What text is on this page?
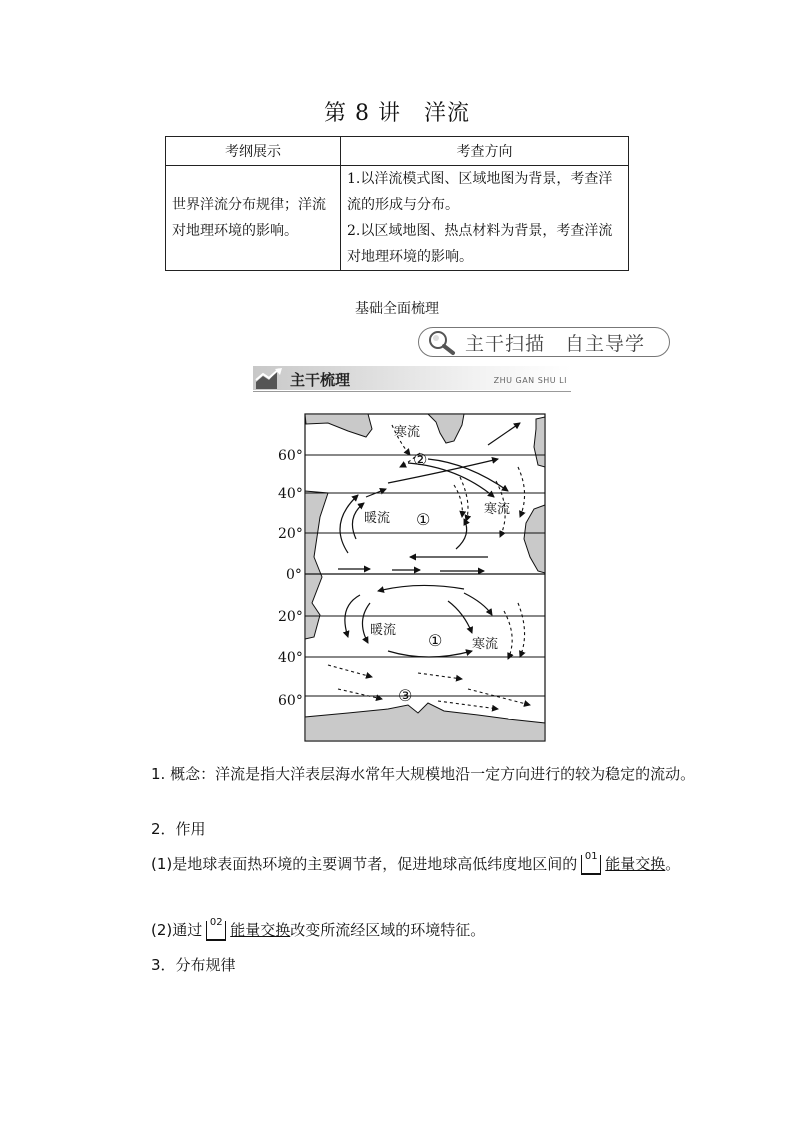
第 8 讲　洋流
考纲展示	考查方向
世界洋流分布规律；洋流对地理环境的影响。	1.以洋流模式图、区域地图为背景，考查洋流的形成与分布。
2.以区域地图、热点材料为背景，考查洋流对地理环境的影响。
基础全面梳理
主干扫描　自主导学
主干梳理	ZHU GAN SHU LI
60°
40°
20°
0°
20°
40°
60°
寒流
寒流
寒流
暖流
暖流
①
①
②
③
1. 概念：洋流是指大洋表层海水常年大规模地沿一定方向进行的较为稳定的流动。
2．作用
(1)是地球表面热环境的主要调节者，促进地球高低纬度地区间的 01 能量交换。
(2)通过 02 能量交换改变所流经区域的环境特征。
3．分布规律
